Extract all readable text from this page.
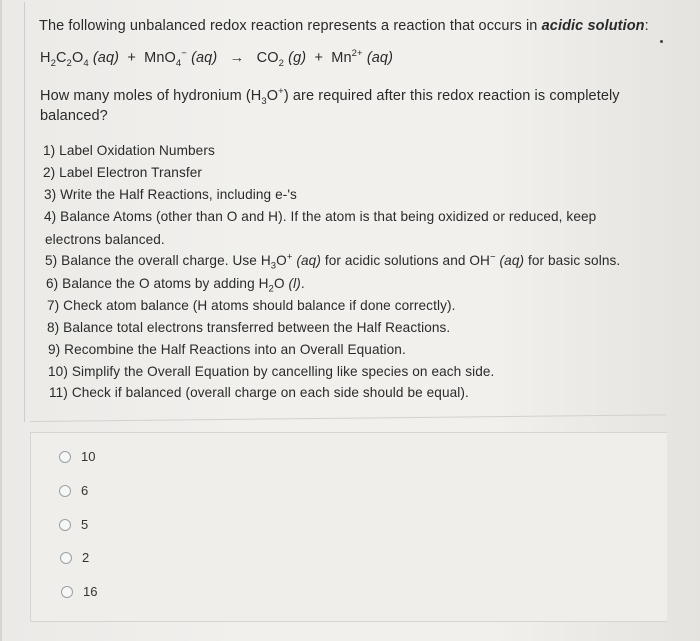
The following unbalanced redox reaction represents a reaction that occurs in acidic solution:
$H_2C_2O_4$ (aq) + MnO$_4$− $(aq) \to CO_2$ $(g) + Mn^{2+}$ (aq)
How many moles of hydronium $(H_3O^+)$ are required after this redox reaction is completely
balanced?
1) Label Oxidation Numbers
2) Label Electron Transfer
3) Write the Half Reactions, including e-'s
4) Balance Atoms (other than O and H). If the atom is that being oxidized or reduced, keep
electrons balanced.
5) Balance the overall charge. Use $H_3O^+$ (aq) for acidic solutions and OH− (aq) for basic solns.
6) Balance the O atoms by adding $H_2O$ (l).
7) Check atom balance (H atoms should balance if done correctly).
8) Balance total electrons transferred between the Half Reactions.
9) Recombine the Half Reactions into an Overall Equation.
10) Simplify the Overall Equation by cancelling like species on each side.
11) Check if balanced (overall charge on each side should be equal).
10
6
5
2
16
